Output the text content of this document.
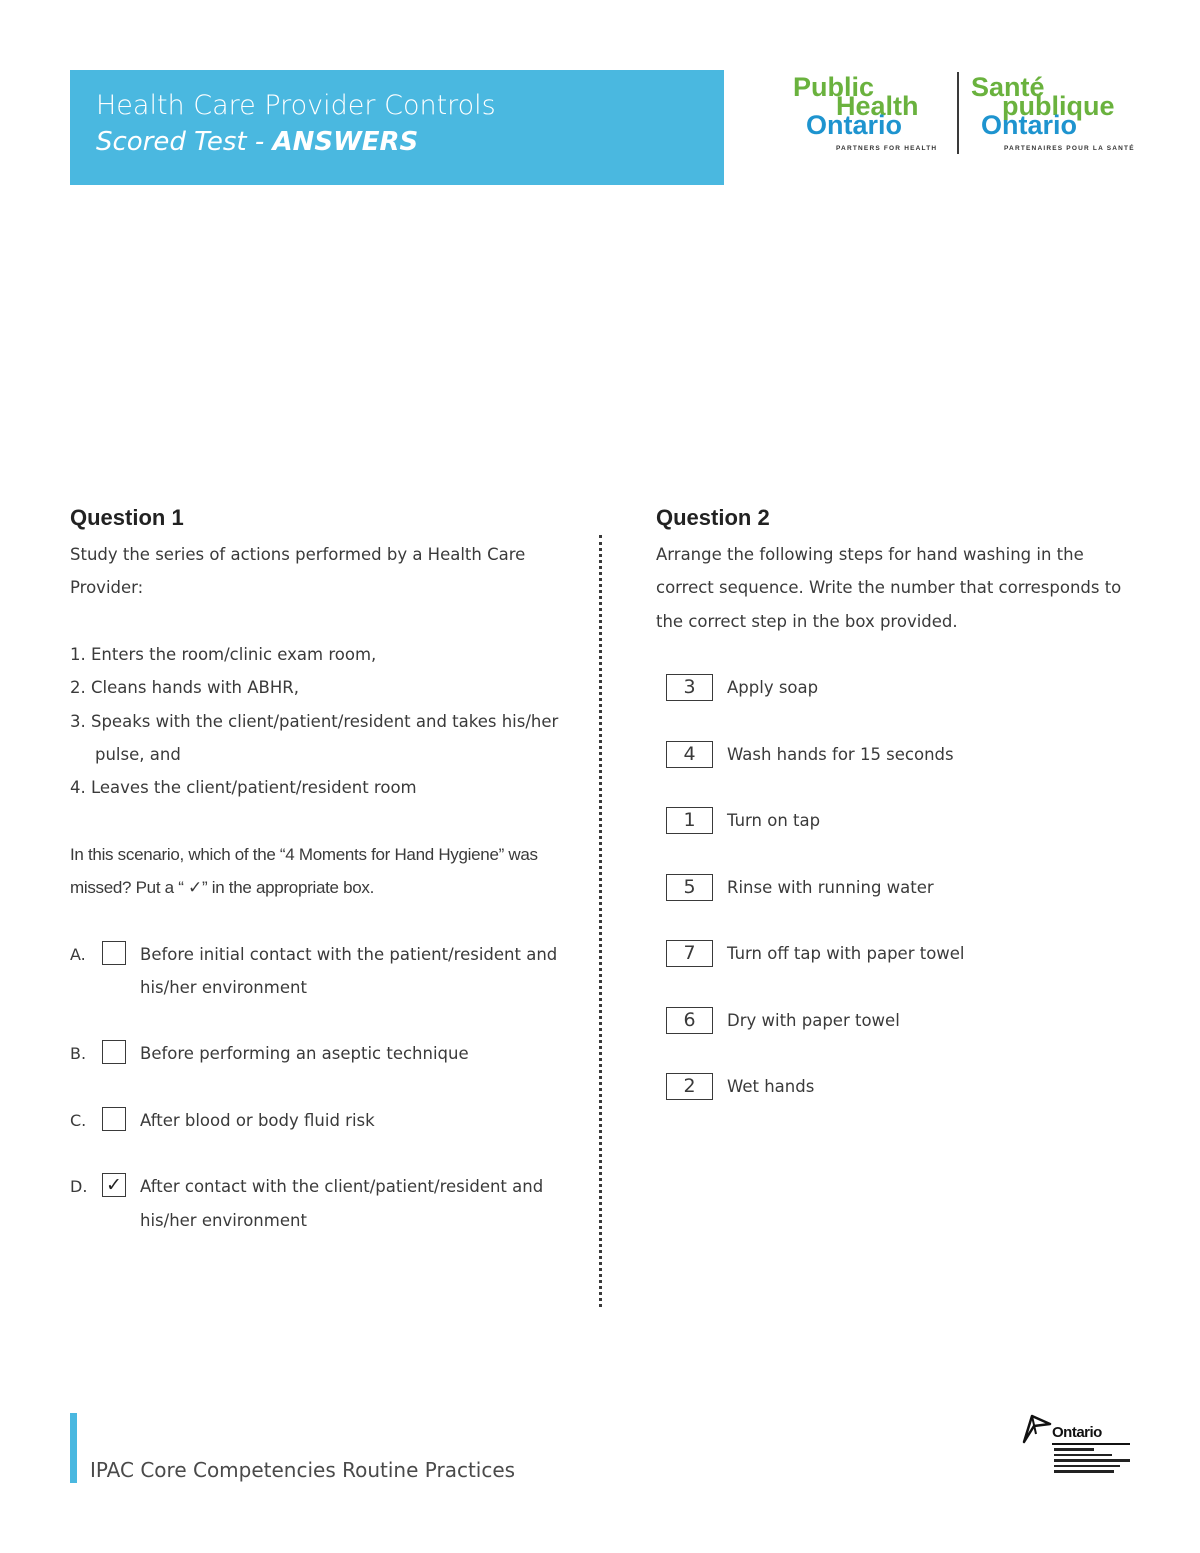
Health Care Provider Controls
Scored Test - ANSWERS
Public
Health
Ontario
PARTNERS FOR HEALTH
Santé
publique
Ontario
PARTENAIRES POUR LA SANTÉ
Question 1

Study the series of actions performed by a Health Care Provider:

1. Enters the room/clinic exam room,
2. Cleans hands with ABHR,
3. Speaks with the client/patient/resident and takes his/her pulse, and
4. Leaves the client/patient/resident room
In this scenario, which of the “4 Moments for Hand Hygiene” was missed? Put a “ ✓” in the appropriate box.
A.	Before initial contact with the patient/resident and his/her environment
B.	Before performing an aseptic technique
C.	After blood or body fluid risk
D. ✓ After contact with the client/patient/resident and his/her environment
Question 2

Arrange the following steps for hand washing in the correct sequence. Write the number that corresponds to the correct step in the box provided.

3	Apply soap
4	Wash hands for 15 seconds
1	Turn on tap
5	Rinse with running water
7	Turn off tap with paper towel
6	Dry with paper towel
2	Wet hands
IPAC Core Competencies Routine Practices
Ontario
